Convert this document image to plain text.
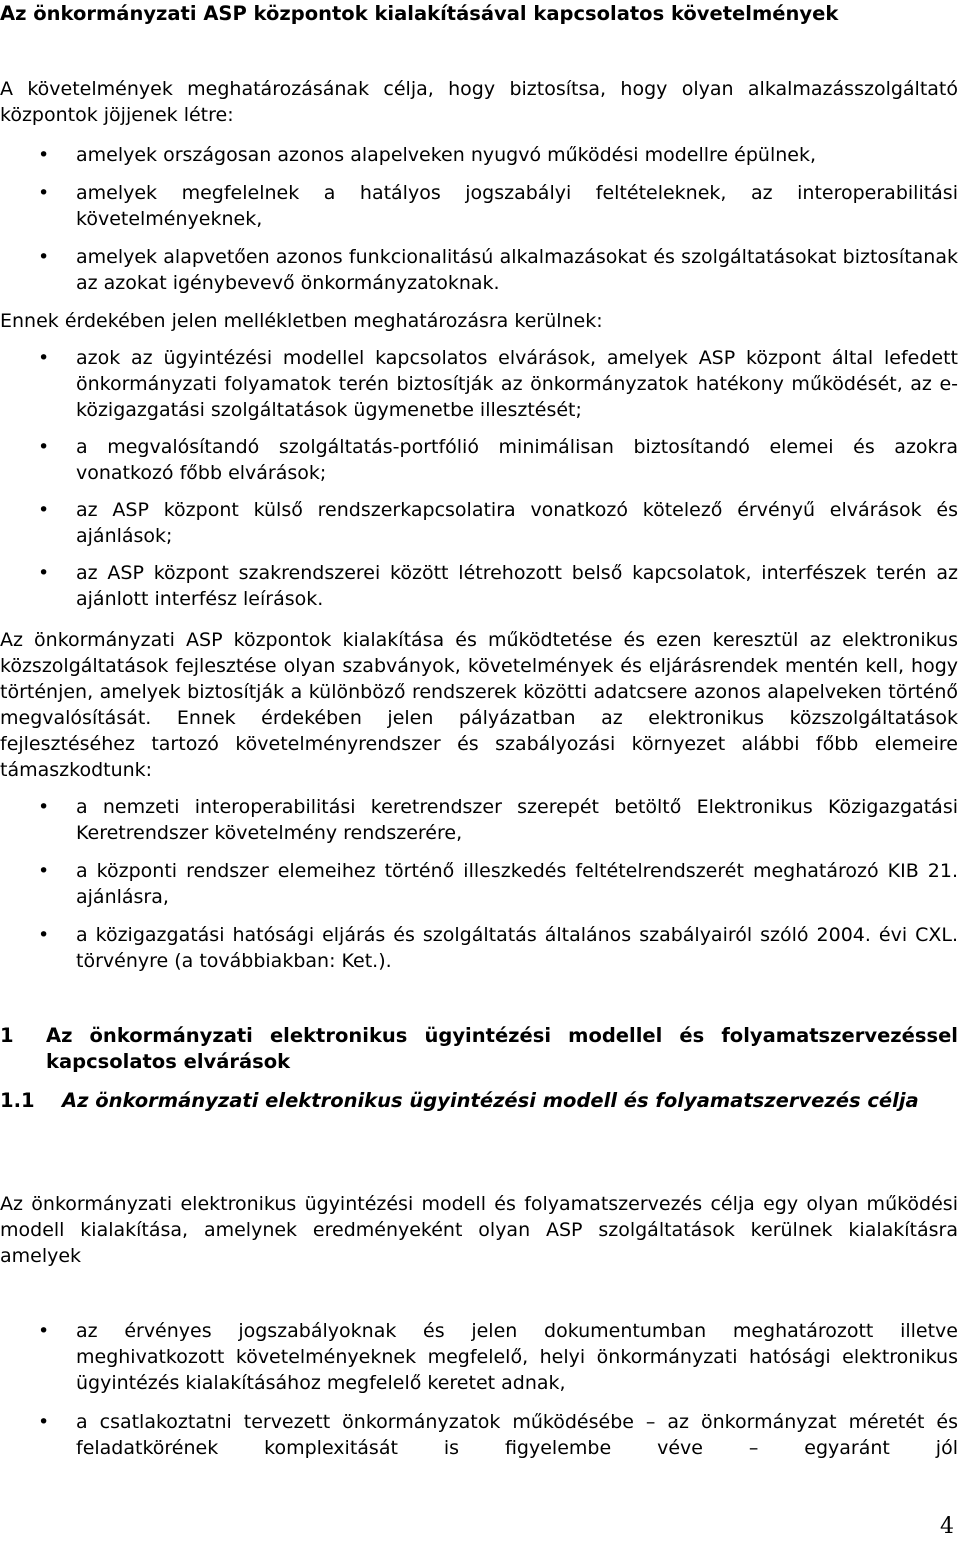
Az önkormányzati ASP központok kialakításával kapcsolatos követelmények

A követelmények meghatározásának célja, hogy biztosítsa, hogy olyan alkalmazásszolgáltató központok jöjjenek létre:

• amelyek országosan azonos alapelveken nyugvó működési modellre épülnek,
• amelyek megfelelnek a hatályos jogszabályi feltételeknek, az interoperabilitási követelményeknek,
• amelyek alapvetően azonos funkcionalitású alkalmazásokat és szolgáltatásokat biztosítanak az azokat igénybevevő önkormányzatoknak.

Ennek érdekében jelen mellékletben meghatározásra kerülnek:

• azok az ügyintézési modellel kapcsolatos elvárások, amelyek ASP központ által lefedett önkormányzati folyamatok terén biztosítják az önkormányzatok hatékony működését, az e-közigazgatási szolgáltatások ügymenetbe illesztését;
• a megvalósítandó szolgáltatás-portfólió minimálisan biztosítandó elemei és azokra vonatkozó főbb elvárások;
• az ASP központ külső rendszerkapcsolatira vonatkozó kötelező érvényű elvárások és ajánlások;
• az ASP központ szakrendszerei között létrehozott belső kapcsolatok, interfészek terén az ajánlott interfész leírások.

Az önkormányzati ASP központok kialakítása és működtetése és ezen keresztül az elektronikus közszolgáltatások fejlesztése olyan szabványok, követelmények és eljárásrendek mentén kell, hogy történjen, amelyek biztosítják a különböző rendszerek közötti adatcsere azonos alapelveken történő megvalósítását. Ennek érdekében jelen pályázatban az elektronikus közszolgáltatások fejlesztéséhez tartozó követelményrendszer és szabályozási környezet alábbi főbb elemeire támaszkodtunk:

• a nemzeti interoperabilitási keretrendszer szerepét betöltő Elektronikus Közigazgatási Keretrendszer követelmény rendszerére,
• a központi rendszer elemeihez történő illeszkedés feltételrendszerét meghatározó KIB 21. ajánlásra,
• a közigazgatási hatósági eljárás és szolgáltatás általános szabályairól szóló 2004. évi CXL. törvényre (a továbbiakban: Ket.).
1	Az önkormányzati elektronikus ügyintézési modellel és folyamatszervezéssel kapcsolatos elvárások
1.1	Az önkormányzati elektronikus ügyintézési modell és folyamatszervezés célja

Az önkormányzati elektronikus ügyintézési modell és folyamatszervezés célja egy olyan működési modell kialakítása, amelynek eredményeként olyan ASP szolgáltatások kerülnek kialakításra amelyek

• az érvényes jogszabályoknak és jelen dokumentumban meghatározott illetve meghivatkozott követelményeknek megfelelő, helyi önkormányzati hatósági elektronikus ügyintézés kialakításához megfelelő keretet adnak,
• a csatlakoztatni tervezett önkormányzatok működésébe – az önkormányzat méretét és feladatkörének komplexitását is figyelembe véve – egyaránt jól
4
